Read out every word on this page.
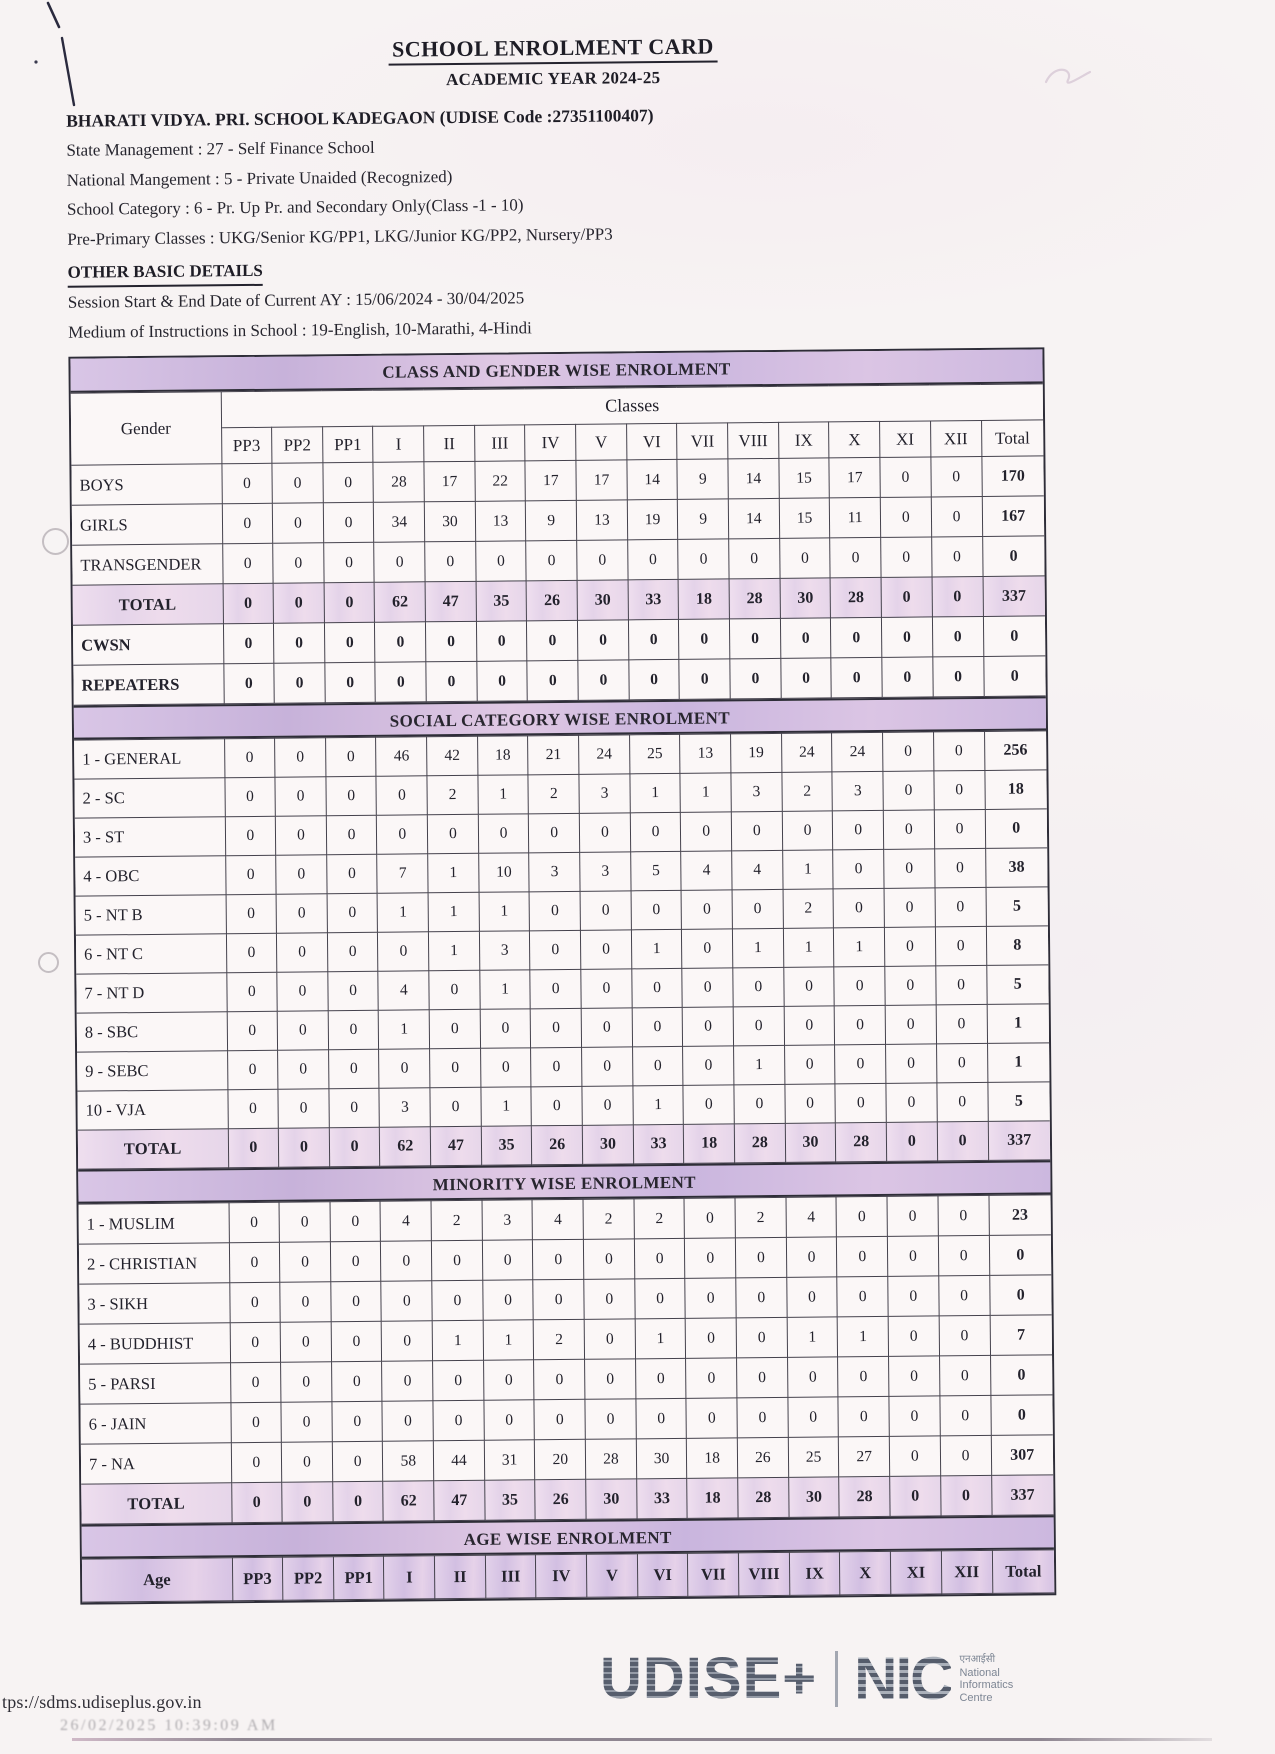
SCHOOL ENROLMENT CARD
ACADEMIC YEAR 2024-25
BHARATI VIDYA. PRI. SCHOOL KADEGAON (UDISE Code :27351100407)
State Management : 27 - Self Finance School
National Mangement : 5 - Private Unaided (Recognized)
School Category : 6 - Pr. Up Pr. and Secondary Only(Class -1 - 10)
Pre-Primary Classes : UKG/Senior KG/PP1, LKG/Junior KG/PP2, Nursery/PP3
OTHER BASIC DETAILS
Session Start & End Date of Current AY : 15/06/2024 - 30/04/2025
Medium of Instructions in School : 19-English, 10-Marathi, 4-Hindi
CLASS AND GENDER WISE ENROLMENT
Gender	Classes															
	PP3	PP2	PP1	I	II	III	IV	V	VI	VII	VIII	IX	X	XI	XII	Total
BOYS	0	0	0	28	17	22	17	17	14	9	14	15	17	0	0	170
GIRLS	0	0	0	34	30	13	9	13	19	9	14	15	11	0	0	167
TRANSGENDER	0	0	0	0	0	0	0	0	0	0	0	0	0	0	0	0
TOTAL	0	0	0	62	47	35	26	30	33	18	28	30	28	0	0	337
CWSN	0	0	0	0	0	0	0	0	0	0	0	0	0	0	0	0
REPEATERS	0	0	0	0	0	0	0	0	0	0	0	0	0	0	0	0
SOCIAL CATEGORY WISE ENROLMENT
1 - GENERAL	0	0	0	46	42	18	21	24	25	13	19	24	24	0	0	256
2 - SC	0	0	0	0	2	1	2	3	1	1	3	2	3	0	0	18
3 - ST	0	0	0	0	0	0	0	0	0	0	0	0	0	0	0	0
4 - OBC	0	0	0	7	1	10	3	3	5	4	4	1	0	0	0	38
5 - NT B	0	0	0	1	1	1	0	0	0	0	0	2	0	0	0	5
6 - NT C	0	0	0	0	1	3	0	0	1	0	1	1	1	0	0	8
7 - NT D	0	0	0	4	0	1	0	0	0	0	0	0	0	0	0	5
8 - SBC	0	0	0	1	0	0	0	0	0	0	0	0	0	0	0	1
9 - SEBC	0	0	0	0	0	0	0	0	0	0	1	0	0	0	0	1
10 - VJA	0	0	0	3	0	1	0	0	1	0	0	0	0	0	0	5
TOTAL	0	0	0	62	47	35	26	30	33	18	28	30	28	0	0	337
MINORITY WISE ENROLMENT
1 - MUSLIM	0	0	0	4	2	3	4	2	2	0	2	4	0	0	0	23
2 - CHRISTIAN	0	0	0	0	0	0	0	0	0	0	0	0	0	0	0	0
3 - SIKH	0	0	0	0	0	0	0	0	0	0	0	0	0	0	0	0
4 - BUDDHIST	0	0	0	0	1	1	2	0	1	0	0	1	1	0	0	7
5 - PARSI	0	0	0	0	0	0	0	0	0	0	0	0	0	0	0	0
6 - JAIN	0	0	0	0	0	0	0	0	0	0	0	0	0	0	0	0
7 - NA	0	0	0	58	44	31	20	28	30	18	26	25	27	0	0	307
TOTAL	0	0	0	62	47	35	26	30	33	18	28	30	28	0	0	337
AGE WISE ENROLMENT
Age	PP3	PP2	PP1	I	II	III	IV	V	VI	VII	VIII	IX	X	XI	XII	Total
tps://sdms.udiseplus.gov.in
26/02/2025 10:39:09 AM
UDISE+ NIC एनआईसी
National
Informatics
Centre
